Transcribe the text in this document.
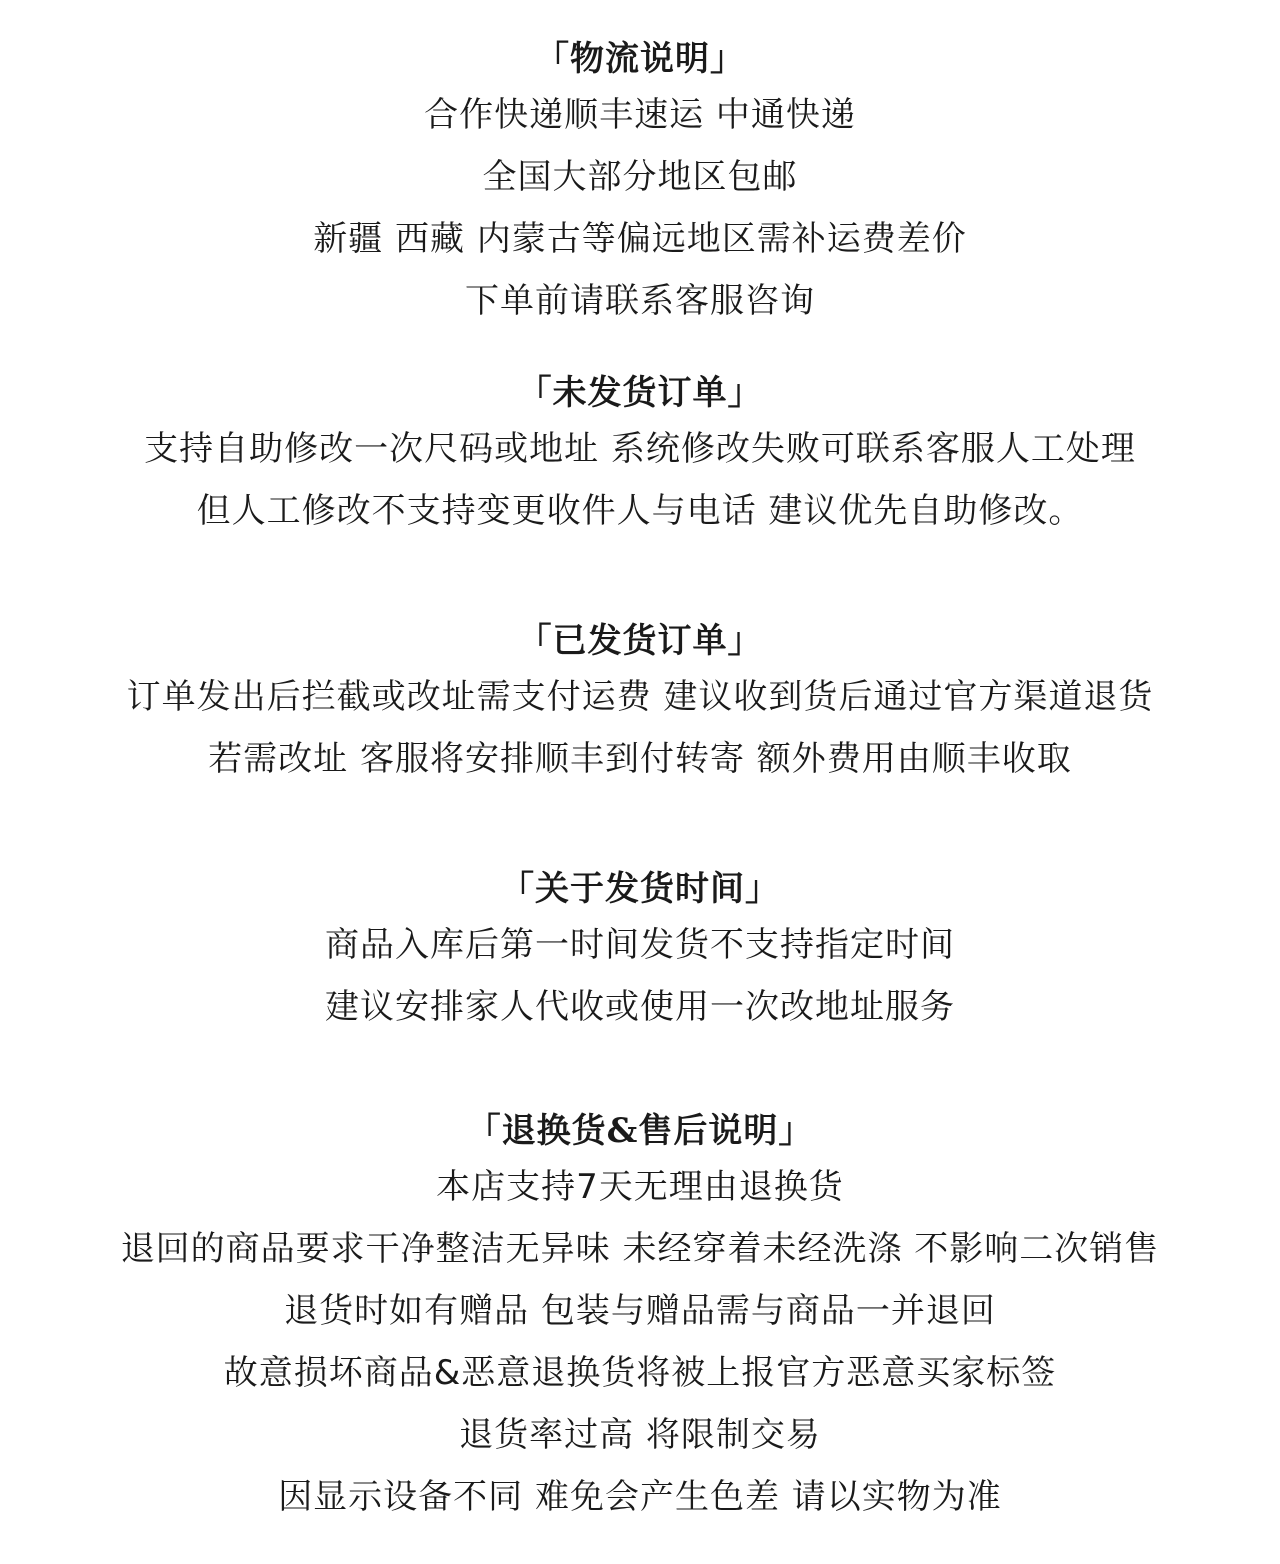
「物流说明」

合作快递顺丰速运 中通快递

全国大部分地区包邮

新疆 西藏 内蒙古等偏远地区需补运费差价

下单前请联系客服咨询

「未发货订单」

支持自助修改一次尺码或地址 系统修改失败可联系客服人工处理

但人工修改不支持变更收件人与电话 建议优先自助修改。

「已发货订单」

订单发出后拦截或改址需支付运费 建议收到货后通过官方渠道退货

若需改址 客服将安排顺丰到付转寄 额外费用由顺丰收取

「关于发货时间」

商品入库后第一时间发货不支持指定时间

建议安排家人代收或使用一次改地址服务

「退换货&售后说明」

本店支持7天无理由退换货

退回的商品要求干净整洁无异味 未经穿着未经洗涤 不影响二次销售

退货时如有赠品 包装与赠品需与商品一并退回

故意损坏商品&恶意退换货将被上报官方恶意买家标签

退货率过高 将限制交易

因显示设备不同 难免会产生色差 请以实物为准
